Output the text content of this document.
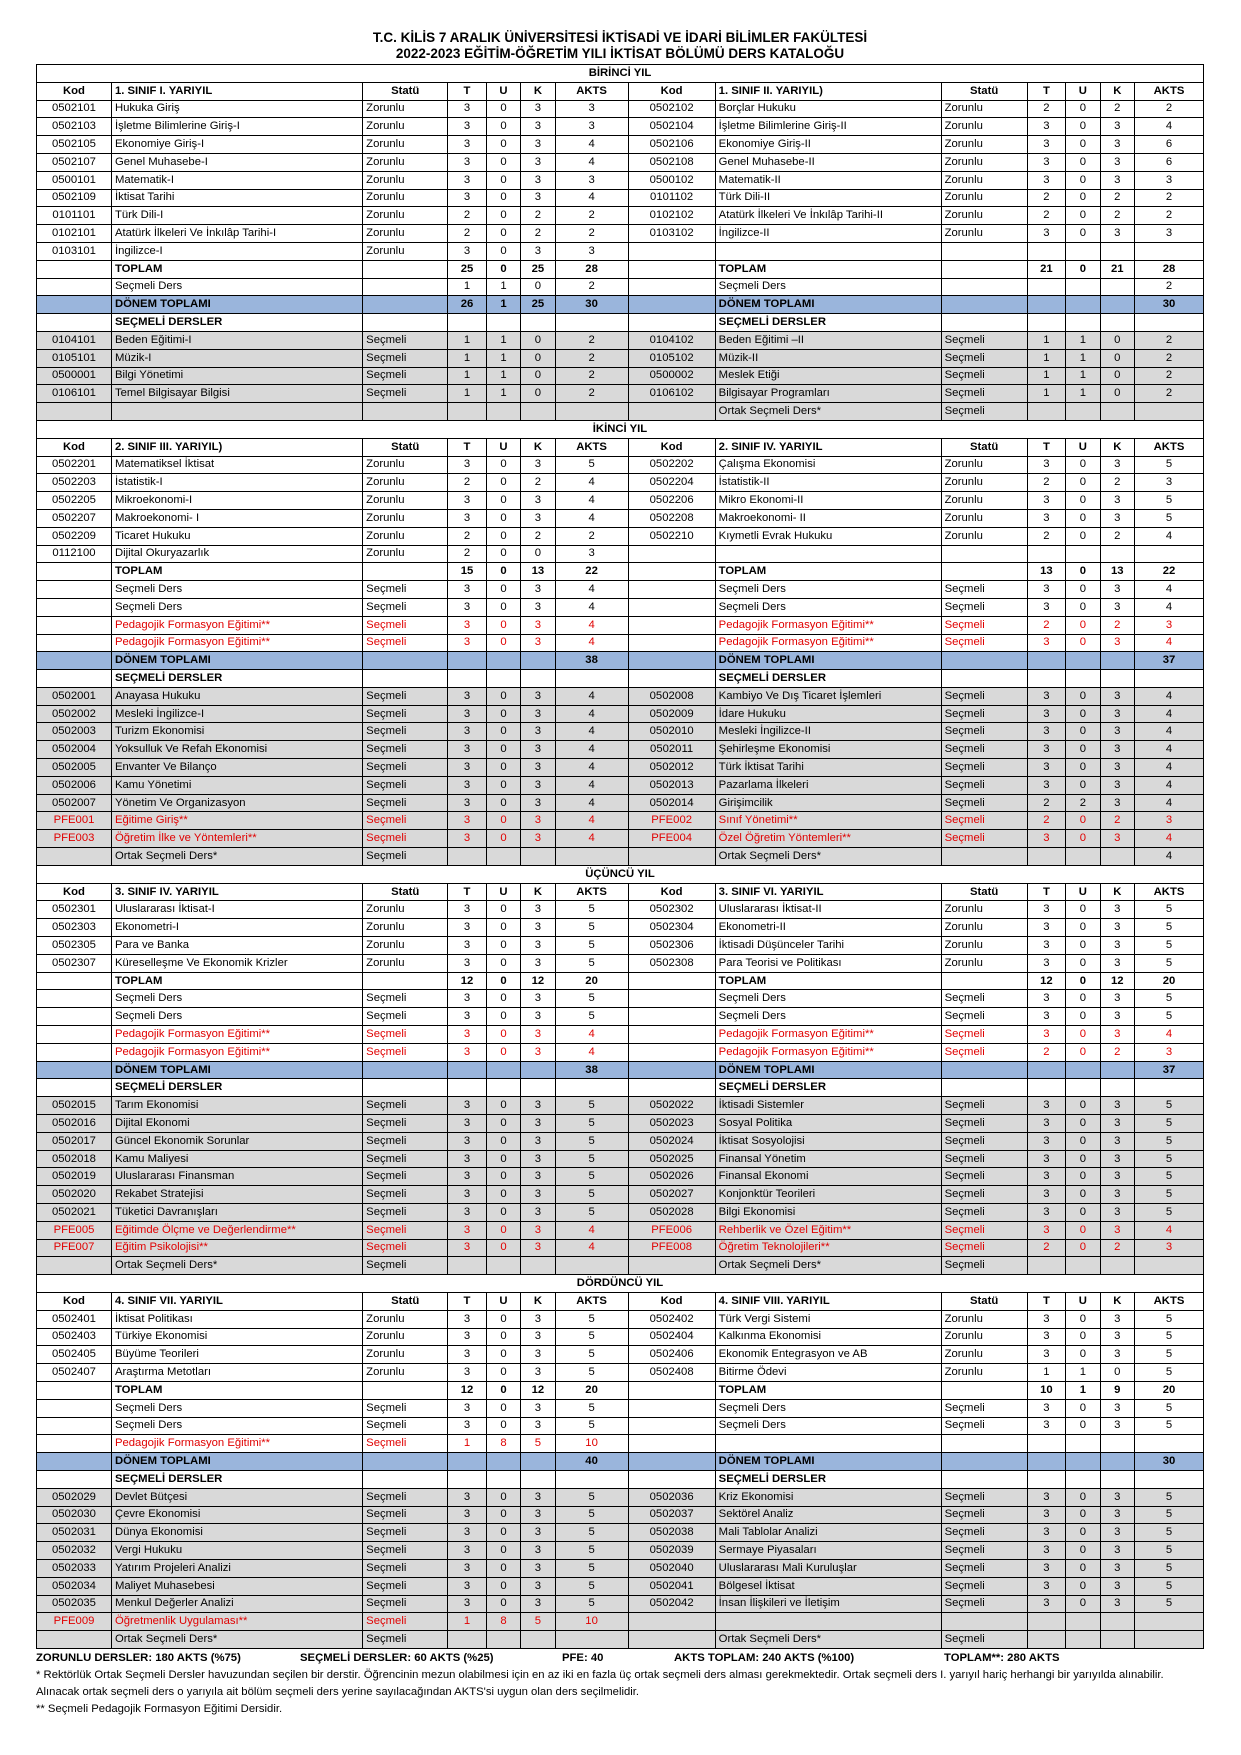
T.C. KİLİS 7 ARALIK ÜNİVERSİTESİ İKTİSADİ VE İDARİ BİLİMLER FAKÜLTESİ
2022-2023 EĞİTİM-ÖĞRETİM YILI İKTİSAT BÖLÜMÜ DERS KATALOĞU
BİRİNCİ YIL													
Kod	1. SINIF I. YARIYIL	Statü	T	U	K	AKTS	Kod	1. SINIF II. YARIYIL)	Statü	T	U	K	AKTS
0502101	Hukuka Giriş	Zorunlu	3	0	3	3	0502102	Borçlar Hukuku	Zorunlu	2	0	2	2
0502103	İşletme Bilimlerine Giriş-I	Zorunlu	3	0	3	3	0502104	İşletme Bilimlerine Giriş-II	Zorunlu	3	0	3	4
0502105	Ekonomiye Giriş-I	Zorunlu	3	0	3	4	0502106	Ekonomiye Giriş-II	Zorunlu	3	0	3	6
0502107	Genel Muhasebe-I	Zorunlu	3	0	3	4	0502108	Genel Muhasebe-II	Zorunlu	3	0	3	6
0500101	Matematik-I	Zorunlu	3	0	3	3	0500102	Matematik-II	Zorunlu	3	0	3	3
0502109	İktisat Tarihi	Zorunlu	3	0	3	4	0101102	Türk Dili-II	Zorunlu	2	0	2	2
0101101	Türk Dili-I	Zorunlu	2	0	2	2	0102102	Atatürk İlkeleri Ve İnkılâp Tarihi-II	Zorunlu	2	0	2	2
0102101	Atatürk İlkeleri Ve İnkılâp Tarihi-I	Zorunlu	2	0	2	2	0103102	İngilizce-II	Zorunlu	3	0	3	3
0103101	İngilizce-I	Zorunlu	3	0	3	3							
	TOPLAM		25	0	25	28		TOPLAM		21	0	21	28
	Seçmeli Ders		1	1	0	2		Seçmeli Ders					2
	DÖNEM TOPLAMI		26	1	25	30		DÖNEM TOPLAMI					30
	SEÇMELİ DERSLER							SEÇMELİ DERSLER					
0104101	Beden Eğitimi-I	Seçmeli	1	1	0	2	0104102	Beden Eğitimi –II	Seçmeli	1	1	0	2
0105101	Müzik-I	Seçmeli	1	1	0	2	0105102	Müzik-II	Seçmeli	1	1	0	2
0500001	Bilgi Yönetimi	Seçmeli	1	1	0	2	0500002	Meslek Etiği	Seçmeli	1	1	0	2
0106101	Temel Bilgisayar Bilgisi	Seçmeli	1	1	0	2	0106102	Bilgisayar Programları	Seçmeli	1	1	0	2
								Ortak Seçmeli Ders*	Seçmeli				
İKİNCİ YIL													
Kod	2. SINIF III. YARIYIL)	Statü	T	U	K	AKTS	Kod	2. SINIF IV. YARIYIL	Statü	T	U	K	AKTS
0502201	Matematiksel İktisat	Zorunlu	3	0	3	5	0502202	Çalışma Ekonomisi	Zorunlu	3	0	3	5
0502203	İstatistik-I	Zorunlu	2	0	2	4	0502204	İstatistik-II	Zorunlu	2	0	2	3
0502205	Mikroekonomi-I	Zorunlu	3	0	3	4	0502206	Mikro Ekonomi-II	Zorunlu	3	0	3	5
0502207	Makroekonomi- I	Zorunlu	3	0	3	4	0502208	Makroekonomi- II	Zorunlu	3	0	3	5
0502209	Ticaret Hukuku	Zorunlu	2	0	2	2	0502210	Kıymetli Evrak Hukuku	Zorunlu	2	0	2	4
0112100	Dijital Okuryazarlık	Zorunlu	2	0	0	3							
	TOPLAM		15	0	13	22		TOPLAM		13	0	13	22
	Seçmeli Ders	Seçmeli	3	0	3	4		Seçmeli Ders	Seçmeli	3	0	3	4
	Seçmeli Ders	Seçmeli	3	0	3	4		Seçmeli Ders	Seçmeli	3	0	3	4
	Pedagojik Formasyon Eğitimi**	Seçmeli	3	0	3	4		Pedagojik Formasyon Eğitimi**	Seçmeli	2	0	2	3
	Pedagojik Formasyon Eğitimi**	Seçmeli	3	0	3	4		Pedagojik Formasyon Eğitimi**	Seçmeli	3	0	3	4
	DÖNEM TOPLAMI					38		DÖNEM TOPLAMI					37
	SEÇMELİ DERSLER							SEÇMELİ DERSLER					
0502001	Anayasa Hukuku	Seçmeli	3	0	3	4	0502008	Kambiyo Ve Dış Ticaret İşlemleri	Seçmeli	3	0	3	4
0502002	Mesleki İngilizce-I	Seçmeli	3	0	3	4	0502009	İdare Hukuku	Seçmeli	3	0	3	4
0502003	Turizm Ekonomisi	Seçmeli	3	0	3	4	0502010	Mesleki İngilizce-II	Seçmeli	3	0	3	4
0502004	Yoksulluk Ve Refah Ekonomisi	Seçmeli	3	0	3	4	0502011	Şehirleşme Ekonomisi	Seçmeli	3	0	3	4
0502005	Envanter Ve Bilanço	Seçmeli	3	0	3	4	0502012	Türk İktisat Tarihi	Seçmeli	3	0	3	4
0502006	Kamu Yönetimi	Seçmeli	3	0	3	4	0502013	Pazarlama İlkeleri	Seçmeli	3	0	3	4
0502007	Yönetim Ve Organizasyon	Seçmeli	3	0	3	4	0502014	Girişimcilik	Seçmeli	2	2	3	4
PFE001	Eğitime Giriş**	Seçmeli	3	0	3	4	PFE002	Sınıf Yönetimi**	Seçmeli	2	0	2	3
PFE003	Öğretim İlke ve Yöntemleri**	Seçmeli	3	0	3	4	PFE004	Özel Öğretim Yöntemleri**	Seçmeli	3	0	3	4
	Ortak Seçmeli Ders*	Seçmeli						Ortak Seçmeli Ders*					4
ÜÇÜNCÜ YIL													
Kod	3. SINIF IV. YARIYIL	Statü	T	U	K	AKTS	Kod	3. SINIF VI. YARIYIL	Statü	T	U	K	AKTS
0502301	Uluslararası İktisat-I	Zorunlu	3	0	3	5	0502302	Uluslararası İktisat-II	Zorunlu	3	0	3	5
0502303	Ekonometri-I	Zorunlu	3	0	3	5	0502304	Ekonometri-II	Zorunlu	3	0	3	5
0502305	Para ve Banka	Zorunlu	3	0	3	5	0502306	İktisadi Düşünceler Tarihi	Zorunlu	3	0	3	5
0502307	Küreselleşme Ve Ekonomik Krizler	Zorunlu	3	0	3	5	0502308	Para Teorisi ve Politikası	Zorunlu	3	0	3	5
	TOPLAM		12	0	12	20		TOPLAM		12	0	12	20
	Seçmeli Ders	Seçmeli	3	0	3	5		Seçmeli Ders	Seçmeli	3	0	3	5
	Seçmeli Ders	Seçmeli	3	0	3	5		Seçmeli Ders	Seçmeli	3	0	3	5
	Pedagojik Formasyon Eğitimi**	Seçmeli	3	0	3	4		Pedagojik Formasyon Eğitimi**	Seçmeli	3	0	3	4
	Pedagojik Formasyon Eğitimi**	Seçmeli	3	0	3	4		Pedagojik Formasyon Eğitimi**	Seçmeli	2	0	2	3
	DÖNEM TOPLAMI					38		DÖNEM TOPLAMI					37
	SEÇMELİ DERSLER							SEÇMELİ DERSLER					
0502015	Tarım Ekonomisi	Seçmeli	3	0	3	5	0502022	İktisadi Sistemler	Seçmeli	3	0	3	5
0502016	Dijital Ekonomi	Seçmeli	3	0	3	5	0502023	Sosyal Politika	Seçmeli	3	0	3	5
0502017	Güncel Ekonomik Sorunlar	Seçmeli	3	0	3	5	0502024	İktisat Sosyolojisi	Seçmeli	3	0	3	5
0502018	Kamu Maliyesi	Seçmeli	3	0	3	5	0502025	Finansal Yönetim	Seçmeli	3	0	3	5
0502019	Uluslararası Finansman	Seçmeli	3	0	3	5	0502026	Finansal Ekonomi	Seçmeli	3	0	3	5
0502020	Rekabet Stratejisi	Seçmeli	3	0	3	5	0502027	Konjonktür Teorileri	Seçmeli	3	0	3	5
0502021	Tüketici Davranışları	Seçmeli	3	0	3	5	0502028	Bilgi Ekonomisi	Seçmeli	3	0	3	5
PFE005	Eğitimde Ölçme ve Değerlendirme**	Seçmeli	3	0	3	4	PFE006	Rehberlik ve Özel Eğitim**	Seçmeli	3	0	3	4
PFE007	Eğitim Psikolojisi**	Seçmeli	3	0	3	4	PFE008	Öğretim Teknolojileri**	Seçmeli	2	0	2	3
	Ortak Seçmeli Ders*	Seçmeli						Ortak Seçmeli Ders*	Seçmeli				
DÖRDÜNCÜ YIL													
Kod	4. SINIF VII. YARIYIL	Statü	T	U	K	AKTS	Kod	4. SINIF VIII. YARIYIL	Statü	T	U	K	AKTS
0502401	İktisat Politikası	Zorunlu	3	0	3	5	0502402	Türk Vergi Sistemi	Zorunlu	3	0	3	5
0502403	Türkiye Ekonomisi	Zorunlu	3	0	3	5	0502404	Kalkınma Ekonomisi	Zorunlu	3	0	3	5
0502405	Büyüme Teorileri	Zorunlu	3	0	3	5	0502406	Ekonomik Entegrasyon ve AB	Zorunlu	3	0	3	5
0502407	Araştırma Metotları	Zorunlu	3	0	3	5	0502408	Bitirme Ödevi	Zorunlu	1	1	0	5
	TOPLAM		12	0	12	20		TOPLAM		10	1	9	20
	Seçmeli Ders	Seçmeli	3	0	3	5		Seçmeli Ders	Seçmeli	3	0	3	5
	Seçmeli Ders	Seçmeli	3	0	3	5		Seçmeli Ders	Seçmeli	3	0	3	5
	Pedagojik Formasyon Eğitimi**	Seçmeli	1	8	5	10							
	DÖNEM TOPLAMI					40		DÖNEM TOPLAMI					30
	SEÇMELİ DERSLER							SEÇMELİ DERSLER					
0502029	Devlet Bütçesi	Seçmeli	3	0	3	5	0502036	Kriz Ekonomisi	Seçmeli	3	0	3	5
0502030	Çevre Ekonomisi	Seçmeli	3	0	3	5	0502037	Sektörel Analiz	Seçmeli	3	0	3	5
0502031	Dünya Ekonomisi	Seçmeli	3	0	3	5	0502038	Mali Tablolar Analizi	Seçmeli	3	0	3	5
0502032	Vergi Hukuku	Seçmeli	3	0	3	5	0502039	Sermaye Piyasaları	Seçmeli	3	0	3	5
0502033	Yatırım Projeleri Analizi	Seçmeli	3	0	3	5	0502040	Uluslararası Mali Kuruluşlar	Seçmeli	3	0	3	5
0502034	Maliyet Muhasebesi	Seçmeli	3	0	3	5	0502041	Bölgesel İktisat	Seçmeli	3	0	3	5
0502035	Menkul Değerler Analizi	Seçmeli	3	0	3	5	0502042	İnsan İlişkileri ve İletişim	Seçmeli	3	0	3	5
PFE009	Öğretmenlik Uygulaması**	Seçmeli	1	8	5	10							
	Ortak Seçmeli Ders*	Seçmeli						Ortak Seçmeli Ders*	Seçmeli				
ZORUNLU DERSLER: 180 AKTS (%75)	SEÇMELİ DERSLER: 60 AKTS (%25)	PFE: 40	AKTS TOPLAM: 240 AKTS (%100)	TOPLAM**: 280 AKTS
* Rektörlük Ortak Seçmeli Dersler havuzundan seçilen bir derstir. Öğrencinin mezun olabilmesi için en az iki en fazla üç ortak seçmeli ders alması gerekmektedir. Ortak seçmeli ders I. yarıyıl hariç herhangi bir yarıyılda alınabilir. Alınacak ortak seçmeli ders o yarıyıla ait bölüm seçmeli ders yerine sayılacağından AKTS'si uygun olan ders seçilmelidir.
** Seçmeli Pedagojik Formasyon Eğitimi Dersidir.
